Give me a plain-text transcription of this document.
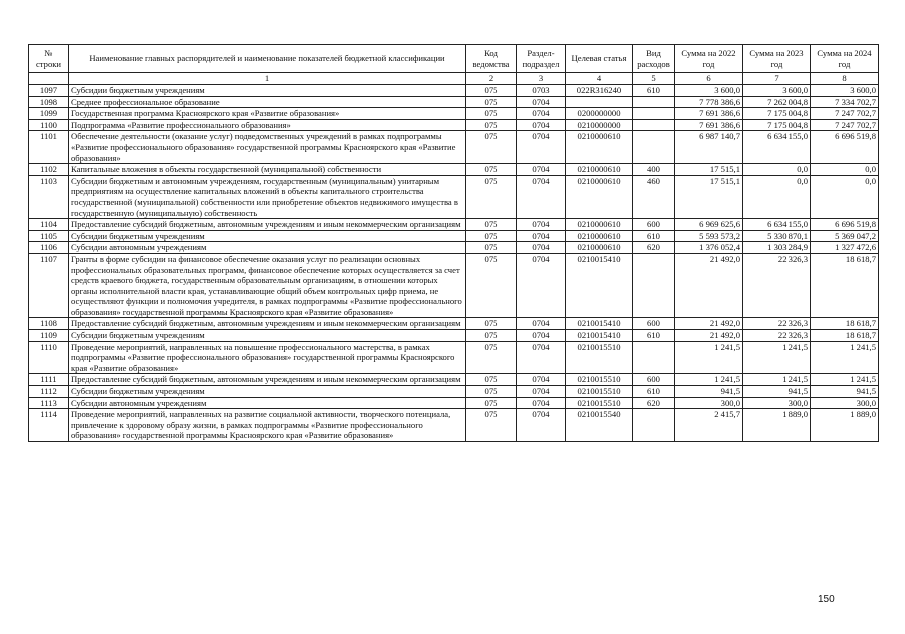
№ строки	Наименование главных распорядителей и наименование показателей бюджетной классификации	Код ведомства	Раздел-подраздел	Целевая статья	Вид расходов	Сумма на 2022 год	Сумма на 2023 год	Сумма на 2024 год
	1	2	3	4	5	6	7	8
1097	Субсидии бюджетным учреждениям	075	0703	022R316240	610	3 600,0	3 600,0	3 600,0
1098	Среднее профессиональное образование	075	0704			7 778 386,6	7 262 004,8	7 334 702,7
1099	Государственная программа Красноярского края «Развитие образования»	075	0704	0200000000		7 691 386,6	7 175 004,8	7 247 702,7
1100	Подпрограмма «Развитие профессионального образования»	075	0704	0210000000		7 691 386,6	7 175 004,8	7 247 702,7
1101	Обеспечение деятельности (оказание услуг) подведомственных учреждений в рамках подпрограммы «Развитие профессионального образования» государственной программы Красноярского края «Развитие образования»	075	0704	0210000610		6 987 140,7	6 634 155,0	6 696 519,8
1102	Капитальные вложения в объекты государственной (муниципальной) собственности	075	0704	0210000610	400	17 515,1	0,0	0,0
1103	Субсидии бюджетным и автономным учреждениям, государственным (муниципальным) унитарным предприятиям на осуществление капитальных вложений в объекты капитального строительства государственной (муниципальной) собственности или приобретение объектов недвижимого имущества в государственную (муниципальную) собственность	075	0704	0210000610	460	17 515,1	0,0	0,0
1104	Предоставление субсидий бюджетным, автономным учреждениям и иным некоммерческим организациям	075	0704	0210000610	600	6 969 625,6	6 634 155,0	6 696 519,8
1105	Субсидии бюджетным учреждениям	075	0704	0210000610	610	5 593 573,2	5 330 870,1	5 369 047,2
1106	Субсидии автономным учреждениям	075	0704	0210000610	620	1 376 052,4	1 303 284,9	1 327 472,6
1107	Гранты в форме субсидии на финансовое обеспечение оказания услуг по реализации основных профессиональных образовательных программ, финансовое обеспечение которых осуществляется за счет средств краевого бюджета, государственным образовательным организациям, в отношении которых органы исполнительной власти края, устанавливающие общий объем контрольных цифр приема, не осуществляют функции и полномочия учредителя, в рамках подпрограммы «Развитие профессионального образования» государственной программы Красноярского края «Развитие образования»	075	0704	0210015410		21 492,0	22 326,3	18 618,7
1108	Предоставление субсидий бюджетным, автономным учреждениям и иным некоммерческим организациям	075	0704	0210015410	600	21 492,0	22 326,3	18 618,7
1109	Субсидии бюджетным учреждениям	075	0704	0210015410	610	21 492,0	22 326,3	18 618,7
1110	Проведение мероприятий, направленных на повышение профессионального мастерства, в рамках подпрограммы «Развитие профессионального образования» государственной программы Красноярского края «Развитие образования»	075	0704	0210015510		1 241,5	1 241,5	1 241,5
1111	Предоставление субсидий бюджетным, автономным учреждениям и иным некоммерческим организациям	075	0704	0210015510	600	1 241,5	1 241,5	1 241,5
1112	Субсидии бюджетным учреждениям	075	0704	0210015510	610	941,5	941,5	941,5
1113	Субсидии автономным учреждениям	075	0704	0210015510	620	300,0	300,0	300,0
1114	Проведение мероприятий, направленных на развитие социальной активности, творческого потенциала, привлечение к здоровому образу жизни, в рамках подпрограммы «Развитие профессионального образования» государственной программы Красноярского края «Развитие образования»	075	0704	0210015540		2 415,7	1 889,0	1 889,0
150
